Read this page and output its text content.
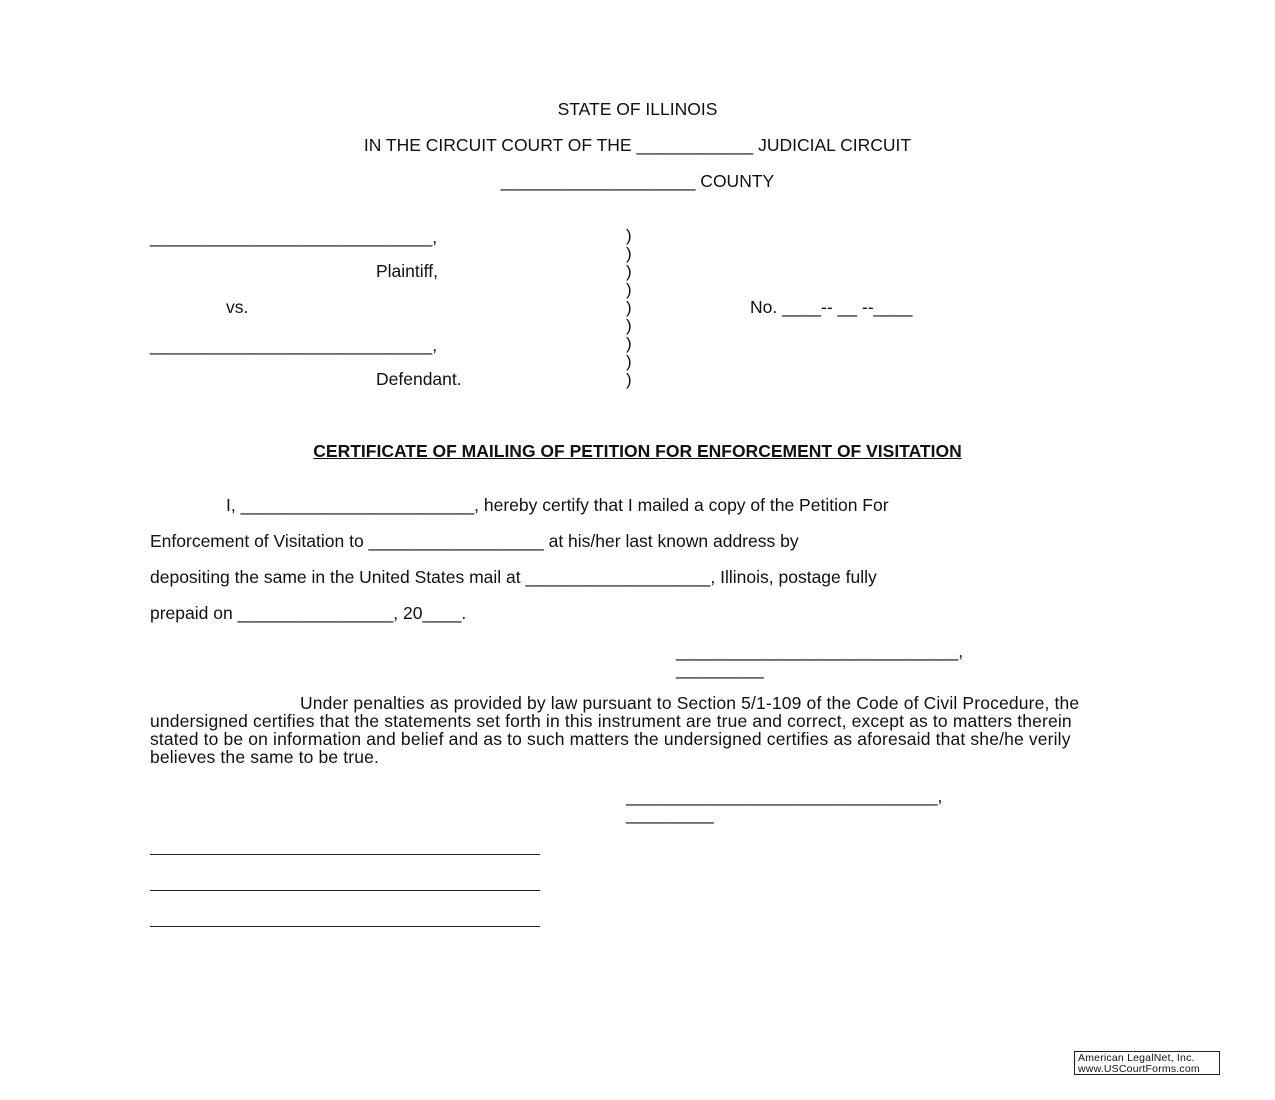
STATE OF ILLINOIS
IN THE CIRCUIT COURT OF THE ____________ JUDICIAL CIRCUIT
____________________ COUNTY
_____________________________,
Plaintiff,
vs.
_____________________________,
Defendant.
)
)
)
)
)
)
)
)
)
No. ____-- __ --____
CERTIFICATE OF MAILING OF PETITION FOR ENFORCEMENT OF VISITATION
I, ________________________, hereby certify that I mailed a copy of the Petition For
Enforcement of Visitation to __________________ at his/her last known address by
depositing the same in the United States mail at ___________________, Illinois, postage fully
prepaid on ________________, 20____.
_____________________________,
_________
Under penalties as provided by law pursuant to Section 5/1-109 of the Code of Civil Procedure, the undersigned certifies that the statements set forth in this instrument are true and correct, except as to matters therein stated to be on information and belief and as to such matters the undersigned certifies as aforesaid that she/he verily believes the same to be true.
________________________________,
_________
American LegalNet, Inc.
www.USCourtForms.com
